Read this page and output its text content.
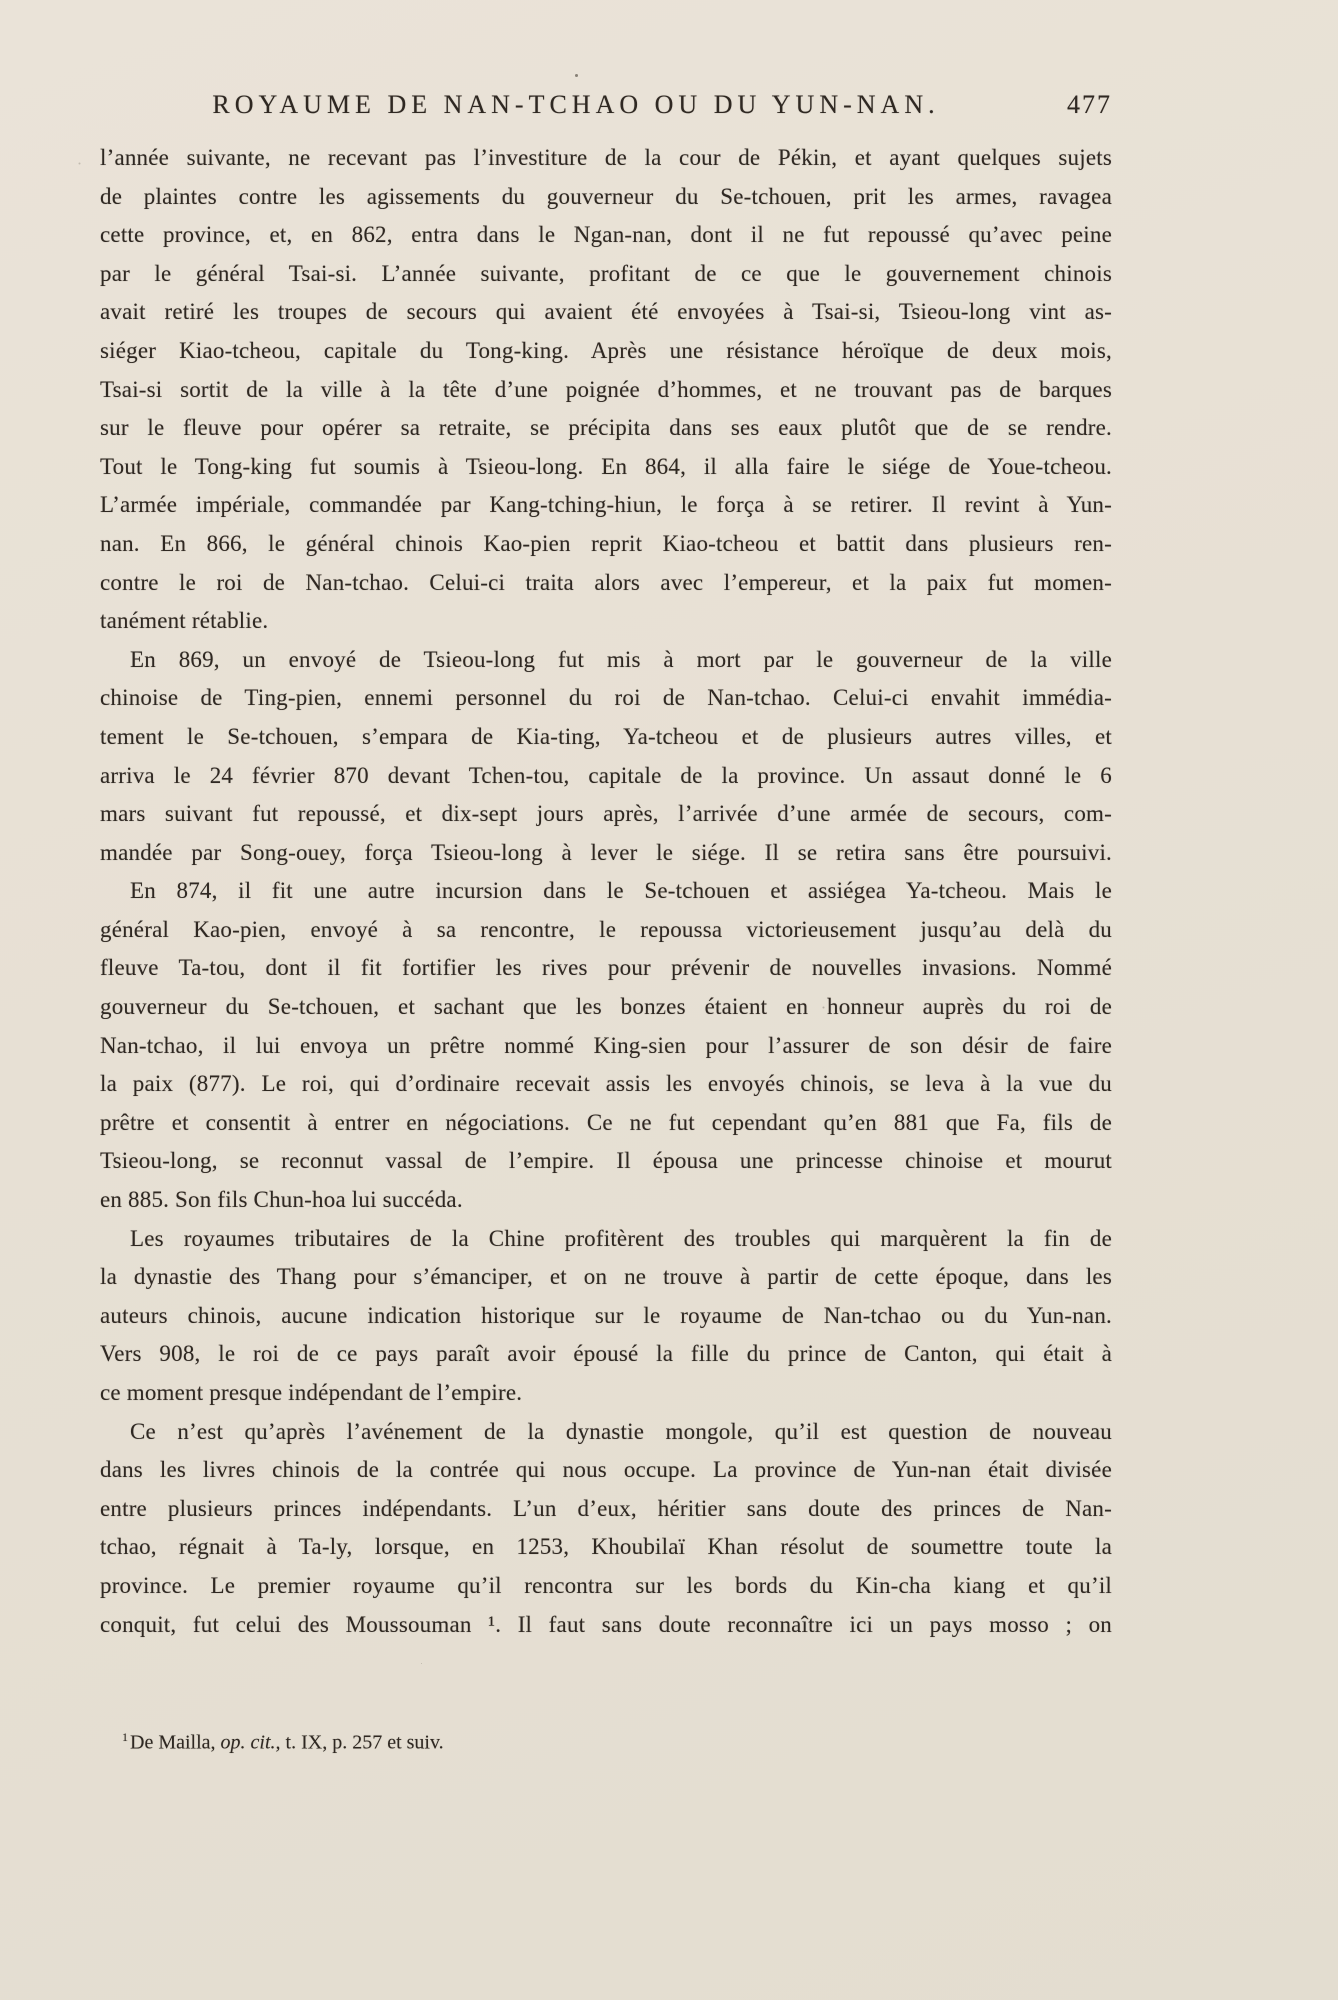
ROYAUME DE NAN-TCHAO OU DU YUN-NAN.	477
l’année suivante, ne recevant pas l’investiture de la cour de Pékin, et ayant quelques sujets
de plaintes contre les agissements du gouverneur du Se-tchouen, prit les armes, ravagea
cette province, et, en 862, entra dans le Ngan-nan, dont il ne fut repoussé qu’avec peine
par le général Tsai-si. L’année suivante, profitant de ce que le gouvernement chinois
avait retiré les troupes de secours qui avaient été envoyées à Tsai-si, Tsieou-long vint as-
siéger Kiao-tcheou, capitale du Tong-king. Après une résistance héroïque de deux mois,
Tsai-si sortit de la ville à la tête d’une poignée d’hommes, et ne trouvant pas de barques
sur le fleuve pour opérer sa retraite, se précipita dans ses eaux plutôt que de se rendre.
Tout le Tong-king fut soumis à Tsieou-long. En 864, il alla faire le siége de Youe-tcheou.
L’armée impériale, commandée par Kang-tching-hiun, le força à se retirer. Il revint à Yun-
nan. En 866, le général chinois Kao-pien reprit Kiao-tcheou et battit dans plusieurs ren-
contre le roi de Nan-tchao. Celui-ci traita alors avec l’empereur, et la paix fut momen-
tanément rétablie.
En 869, un envoyé de Tsieou-long fut mis à mort par le gouverneur de la ville
chinoise de Ting-pien, ennemi personnel du roi de Nan-tchao. Celui-ci envahit immédia-
tement le Se-tchouen, s’empara de Kia-ting, Ya-tcheou et de plusieurs autres villes, et
arriva le 24 février 870 devant Tchen-tou, capitale de la province. Un assaut donné le 6
mars suivant fut repoussé, et dix-sept jours après, l’arrivée d’une armée de secours, com-
mandée par Song-ouey, força Tsieou-long à lever le siége. Il se retira sans être poursuivi.
En 874, il fit une autre incursion dans le Se-tchouen et assiégea Ya-tcheou. Mais le
général Kao-pien, envoyé à sa rencontre, le repoussa victorieusement jusqu’au delà du
fleuve Ta-tou, dont il fit fortifier les rives pour prévenir de nouvelles invasions. Nommé
gouverneur du Se-tchouen, et sachant que les bonzes étaient en honneur auprès du roi de
Nan-tchao, il lui envoya un prêtre nommé King-sien pour l’assurer de son désir de faire
la paix (877). Le roi, qui d’ordinaire recevait assis les envoyés chinois, se leva à la vue du
prêtre et consentit à entrer en négociations. Ce ne fut cependant qu’en 881 que Fa, fils de
Tsieou-long, se reconnut vassal de l’empire. Il épousa une princesse chinoise et mourut
en 885. Son fils Chun-hoa lui succéda.
Les royaumes tributaires de la Chine profitèrent des troubles qui marquèrent la fin de
la dynastie des Thang pour s’émanciper, et on ne trouve à partir de cette époque, dans les
auteurs chinois, aucune indication historique sur le royaume de Nan-tchao ou du Yun-nan.
Vers 908, le roi de ce pays paraît avoir épousé la fille du prince de Canton, qui était à
ce moment presque indépendant de l’empire.
Ce n’est qu’après l’avénement de la dynastie mongole, qu’il est question de nouveau
dans les livres chinois de la contrée qui nous occupe. La province de Yun-nan était divisée
entre plusieurs princes indépendants. L’un d’eux, héritier sans doute des princes de Nan-
tchao, régnait à Ta-ly, lorsque, en 1253, Khoubilaï Khan résolut de soumettre toute la
province. Le premier royaume qu’il rencontra sur les bords du Kin-cha kiang et qu’il
conquit, fut celui des Moussouman ¹. Il faut sans doute reconnaître ici un pays mosso ; on
$^1$ De Mailla, op. cit., t. IX, p. 257 et suiv.
